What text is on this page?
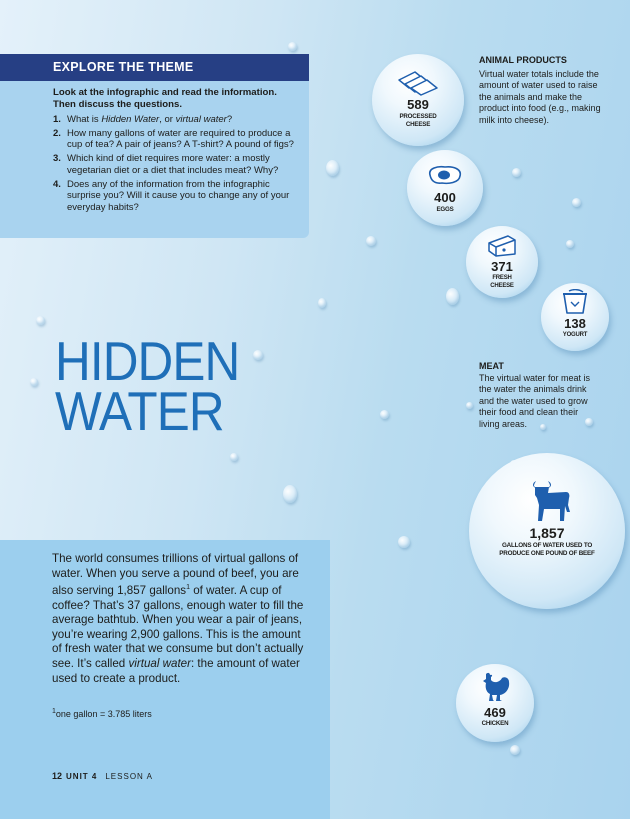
EXPLORE THE THEME
Look at the infographic and read the information. Then discuss the questions.
1. What is Hidden Water, or virtual water?
2. How many gallons of water are required to produce a cup of tea? A pair of jeans? A T-shirt? A pound of figs?
3. Which kind of diet requires more water: a mostly vegetarian diet or a diet that includes meat? Why?
4. Does any of the information from the infographic surprise you? Will it cause you to change any of your everyday habits?
HIDDEN
WATER
The world consumes trillions of virtual gallons of water. When you serve a pound of beef, you are also serving 1,857 gallons$^1$ of water. A cup of coffee? That’s 37 gallons, enough water to fill the average bathtub. When you wear a pair of jeans, you’re wearing 2,900 gallons. This is the amount of fresh water that we consume but don’t actually see. It’s called virtual water: the amount of water used to create a product.
$^1$one gallon = 3.785 liters
12 UNIT 4 LESSON A
ANIMAL PRODUCTS
Virtual water totals include the amount of water used to raise the animals and make the product into food (e.g., making milk into cheese).
MEAT
The virtual water for meat is the water the animals drink and the water used to grow their food and clean their living areas.
589
PROCESSED CHEESE
400
EGGS
371
FRESH CHEESE
138
YOGURT
1,857
GALLONS OF WATER USED TO PRODUCE ONE POUND OF BEEF
469
CHICKEN
